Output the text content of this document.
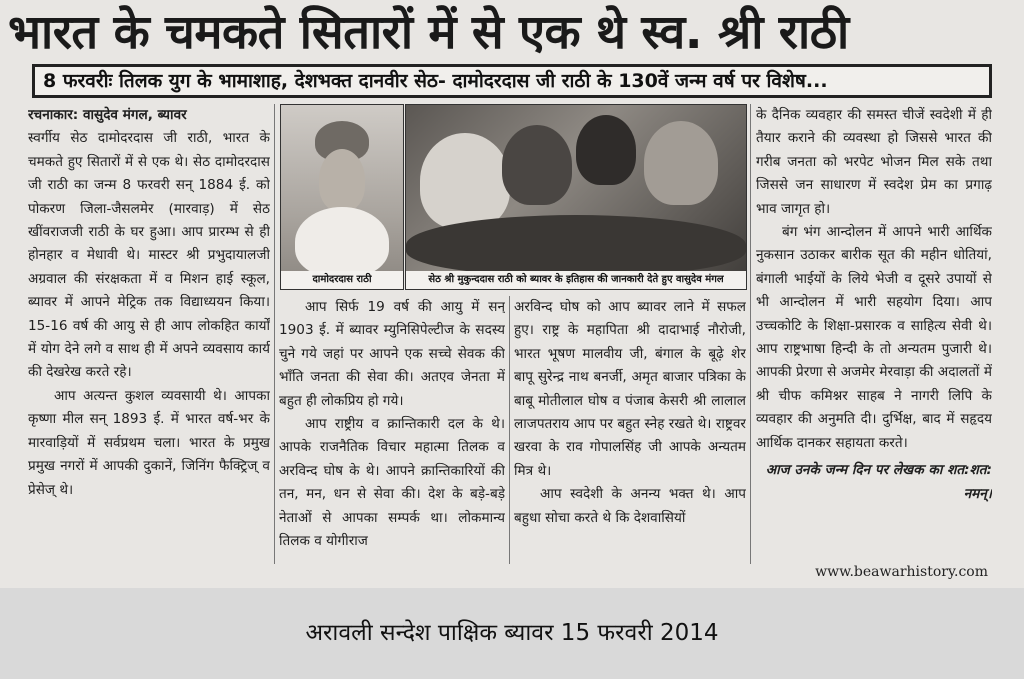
भारत के चमकते सितारों में से एक थे स्व. श्री राठी
8 फरवरीः तिलक युग के भामाशाह, देशभक्त दानवीर सेठ- दामोदरदास जी राठी के 130वें जन्म वर्ष पर विशेष...

रचनाकार: वासुदेव मंगल, ब्यावर

स्वर्गीय सेठ दामोदरदास जी राठी, भारत के चमकते हुए सितारों में से एक थे। सेठ दामोदरदास जी राठी का जन्म 8 फरवरी सन् 1884 ई. को पोकरण जिला-जैसलमेर (मारवाड़) में सेठ खींवराजजी राठी के घर हुआ। आप प्रारम्भ से ही होनहार व मेधावी थे। मास्टर श्री प्रभुदायालजी अग्रवाल की संरक्षकता में व मिशन हाई स्कूल, ब्यावर में आपने मेट्रिक तक विद्याध्ययन किया। 15-16 वर्ष की आयु से ही आप लोकहित कार्यों में योग देने लगे व साथ ही में अपने व्यवसाय कार्य की देखरेख करते रहे।

आप अत्यन्त कुशल व्यवसायी थे। आपका कृष्णा मील सन् 1893 ई. में भारत वर्ष-भर के मारवाड़ियों में सर्वप्रथम चला। भारत के प्रमुख प्रमुख नगरों में आपकी दुकानें, जिनिंग फैक्ट्रिज् व प्रेसेज् थे।

दामोदरदास राठी	सेठ श्री मुकुन्ददास राठी को ब्यावर के इतिहास की जानकारी देते हुए वासुदेव मंगल

आप सिर्फ 19 वर्ष की आयु में सन् 1903 ई. में ब्यावर म्युनिसिपेल्टीज के सदस्य चुने गये जहां पर आपने एक सच्चे सेवक की भाँति जनता की सेवा की। अतएव जेनता में बहुत ही लोकप्रिय हो गये।

आप राष्ट्रीय व क्रान्तिकारी दल के थे। आपके राजनैतिक विचार महात्मा तिलक व अरविन्द घोष के थे। आपने क्रान्तिकारियों की तन, मन, धन से सेवा की। देश के बड़े-बड़े नेताओं से आपका सम्पर्क था। लोकमान्य तिलक व योगीराज

अरविन्द घोष को आप ब्यावर लाने में सफल हुए। राष्ट्र के महापिता श्री दादाभाई नौरोजी, भारत भूषण मालवीय जी, बंगाल के बूढ़े शेर बापू सुरेन्द्र नाथ बनर्जी, अमृत बाजार पत्रिका के बाबू मोतीलाल घोष व पंजाब केसरी श्री लालाल लाजपतराय आप पर बहुत स्नेह रखते थे। राष्ट्रवर खरवा के राव गोपालसिंह जी आपके अन्यतम मित्र थे।

आप स्वदेशी के अनन्य भक्त थे। आप बहुधा सोचा करते थे कि देशवासियों

के दैनिक व्यवहार की समस्त चीजें स्वदेशी में ही तैयार कराने की व्यवस्था हो जिससे भारत की गरीब जनता को भरपेट भोजन मिल सके तथा जिससे जन साधारण में स्वदेश प्रेम का प्रगाढ़ भाव जागृत हो।

बंग भंग आन्दोलन में आपने भारी आर्थिक नुकसान उठाकर बारीक सूत की महीन धोतियां, बंगाली भाईयों के लिये भेजी व दूसरे उपायों से भी आन्दोलन में भारी सहयोग दिया। आप उच्चकोटि के शिक्षा-प्रसारक व साहित्य सेवी थे। आप राष्ट्रभाषा हिन्दी के तो अन्यतम पुजारी थे। आपकी प्रेरणा से अजमेर मेरवाड़ा की अदालतों में श्री चीफ कमिश्नर साहब ने नागरी लिपि के व्यवहार की अनुमति दी। दुर्भिक्ष, बाद में सहृदय आर्थिक दानकर सहायता करते।

आज उनके जन्म दिन पर लेखक का शत:शत: नमन्।

www.beawarhistory.com
अरावली सन्देश पाक्षिक ब्यावर 15 फरवरी 2014
